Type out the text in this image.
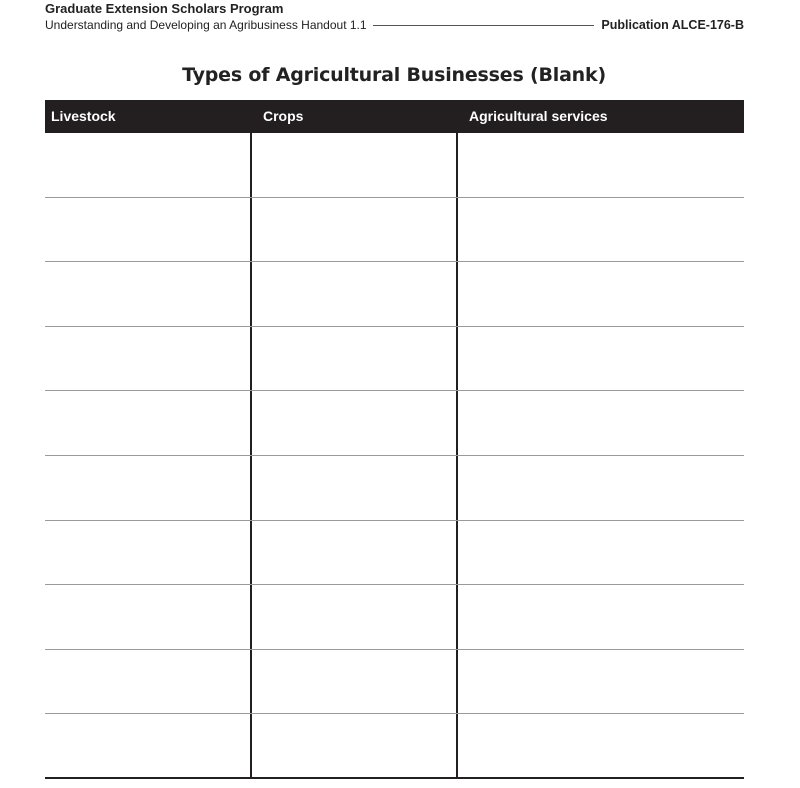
Graduate Extension Scholars Program
Understanding and Developing an Agribusiness Handout 1.1	Publication ALCE-176-B
Types of Agricultural Businesses (Blank)
Livestock	Crops	Agricultural services
